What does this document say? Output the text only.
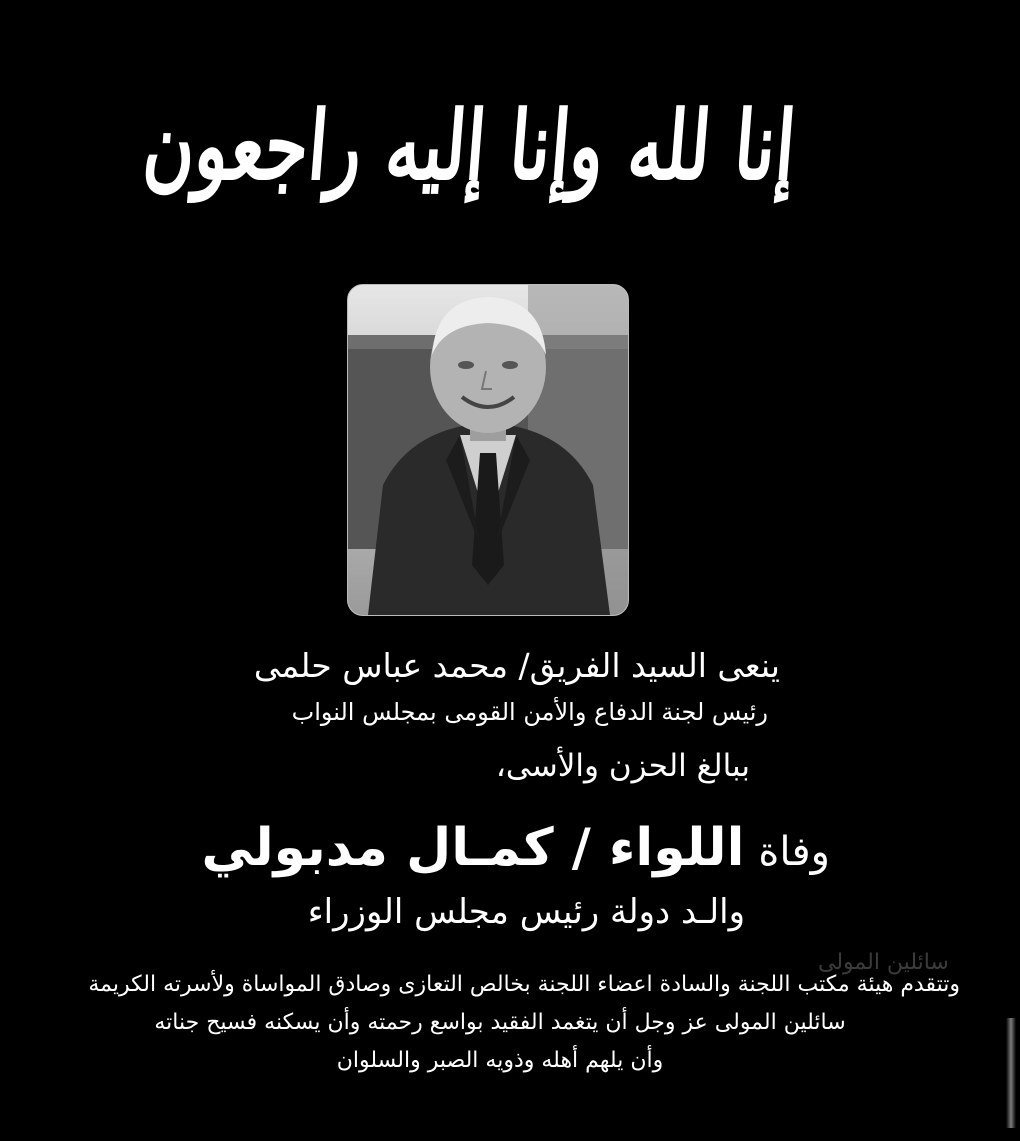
إنا لله وإنا إليه راجعون
ينعى السيد الفريق/ محمد عباس حلمى
رئيس لجنة الدفاع والأمن القومى بمجلس النواب
ببالغ الحزن والأسى،
وفاة
اللواء / كمـال مدبولي
والـد دولة رئيس مجلس الوزراء
سائلين المولى
وتتقدم هيئة مكتب اللجنة والسادة اعضاء اللجنة بخالص التعازى وصادق المواساة ولأسرته الكريمة
سائلين المولى عز وجل أن يتغمد الفقيد بواسع رحمته وأن يسكنه فسيح جناته
وأن يلهم أهله وذويه الصبر والسلوان
